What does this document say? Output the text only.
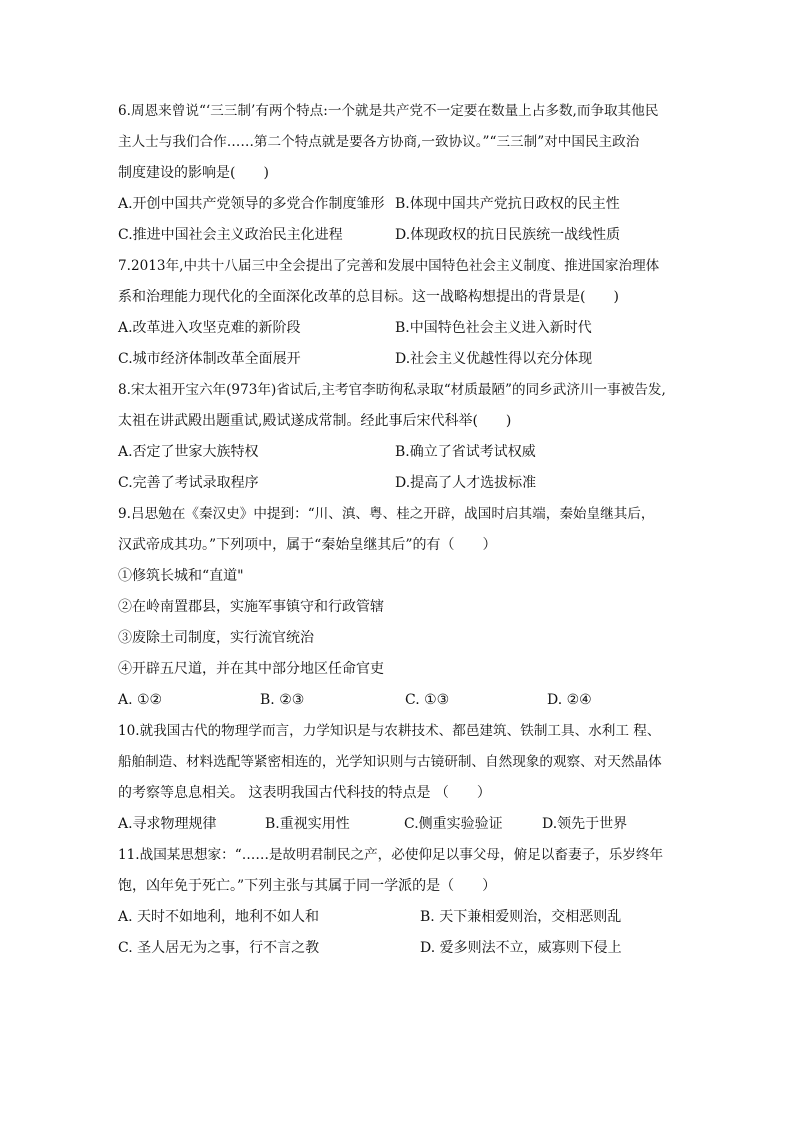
6.周恩来曾说“‘三三制’有两个特点:一个就是共产党不一定要在数量上占多数,而争取其他民
主人士与我们合作……第二个特点就是要各方协商,一致协议。”“三三制”对中国民主政治
制度建设的影响是(　　)
A.开创中国共产党领导的多党合作制度雏形 B.体现中国共产党抗日政权的民主性
C.推进中国社会主义政治民主化进程	D.体现政权的抗日民族统一战线性质
7.2013年,中共十八届三中全会提出了完善和发展中国特色社会主义制度、推进国家治理体
系和治理能力现代化的全面深化改革的总目标。这一战略构想提出的背景是(　　)
A.改革进入攻坚克难的新阶段	B.中国特色社会主义进入新时代
C.城市经济体制改革全面展开	D.社会主义优越性得以充分体现
8.宋太祖开宝六年(973年)省试后,主考官李昉徇私录取“材质最陋”的同乡武济川一事被告发,
太祖在讲武殿出题重试,殿试遂成常制。经此事后宋代科举(　　)
A.否定了世家大族特权	B.确立了省试考试权威
C.完善了考试录取程序	D.提高了人才选拔标准
9.吕思勉在《秦汉史》中提到：“川、滇、粤、桂之开辟，战国时启其端，秦始皇继其后，
汉武帝成其功。”下列项中，属于“秦始皇继其后”的有（　　）
①修筑长城和“直道"
②在岭南置郡县，实施军事镇守和行政管辖
③废除土司制度，实行流官统治
④开辟五尺道，并在其中部分地区任命官吏
A. ①②	B. ②③	C. ①③	D. ②④
10.就我国古代的物理学而言，力学知识是与农耕技术、都邑建筑、铁制工具、水利工 程、
船舶制造、材料选配等紧密相连的，光学知识则与古镜研制、自然现象的观察、对天然晶体
的考察等息息相关。 这表明我国古代科技的特点是 （　　）
A.寻求物理规律	B.重视实用性	C.侧重实验验证	D.领先于世界
11.战国某思想家：“……是故明君制民之产，必使仰足以事父母，俯足以畜妻子，乐岁终年
饱，凶年免于死亡。”下列主张与其属于同一学派的是（　　）
A. 天时不如地利，地利不如人和	B. 天下兼相爱则治，交相恶则乱
C. 圣人居无为之事，行不言之教	D. 爱多则法不立，威寡则下侵上
